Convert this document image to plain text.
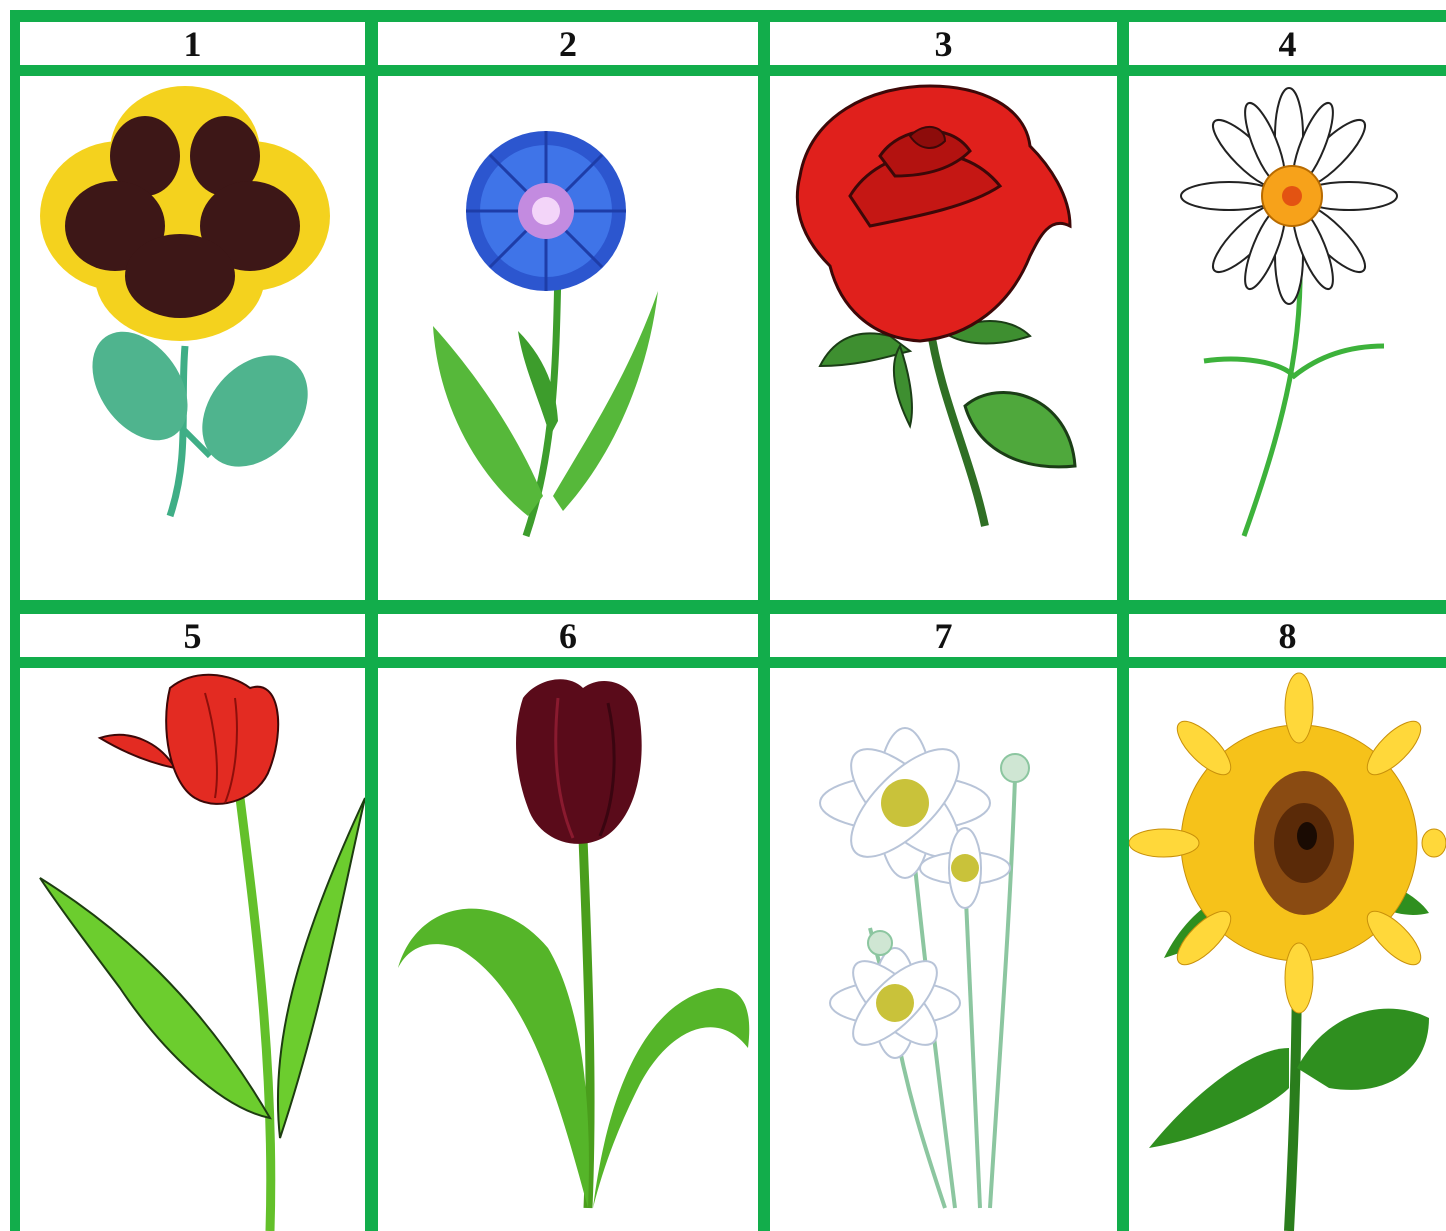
1	2	3	4
5	6	7	8
